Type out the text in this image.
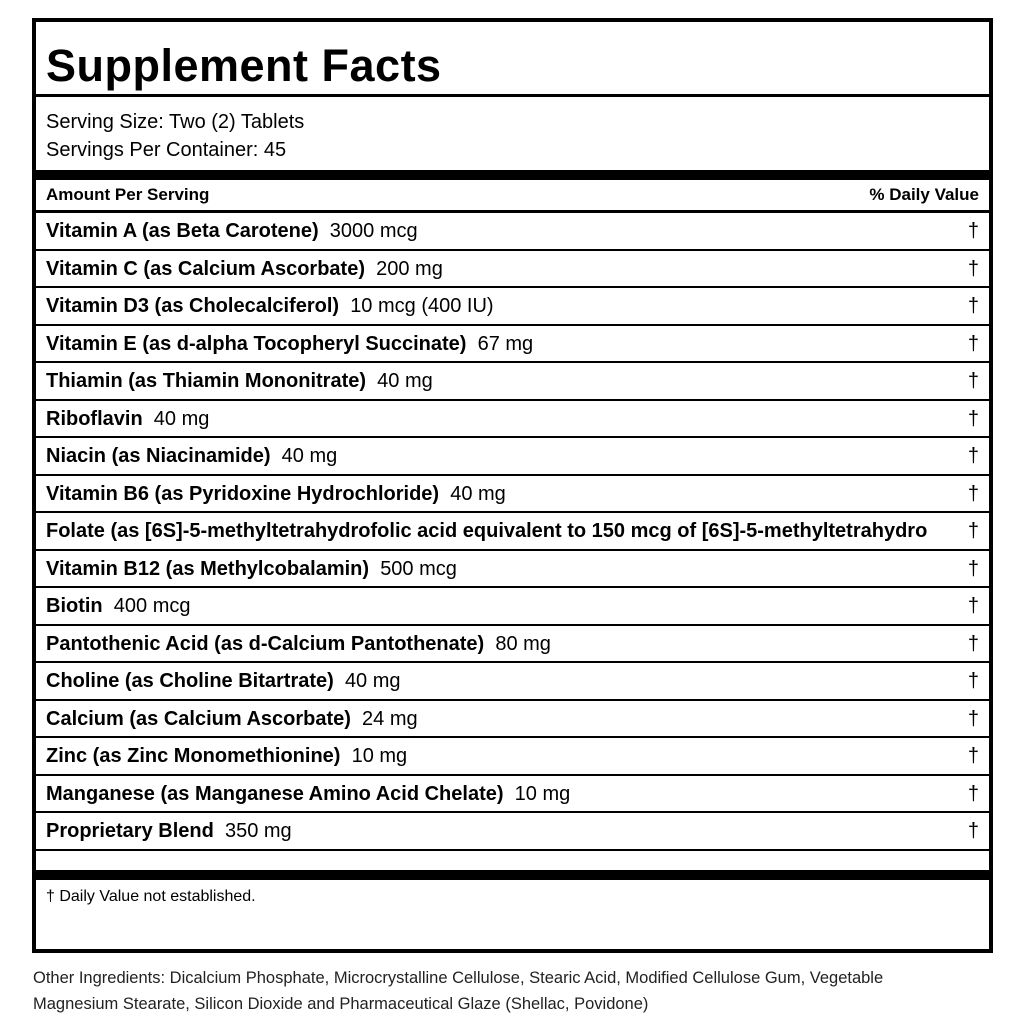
Supplement Facts
Serving Size: Two (2) Tablets
Servings Per Container: 45
Amount Per Serving	% Daily Value
Vitamin A (as Beta Carotene) 3000 mcg	†
Vitamin C (as Calcium Ascorbate) 200 mg	†
Vitamin D3 (as Cholecalciferol) 10 mcg (400 IU)	†
Vitamin E (as d-alpha Tocopheryl Succinate) 67 mg	†
Thiamin (as Thiamin Mononitrate) 40 mg	†
Riboflavin 40 mg	†
Niacin (as Niacinamide) 40 mg	†
Vitamin B6 (as Pyridoxine Hydrochloride) 40 mg	†
Folate (as [6S]-5-methyltetrahydrofolic acid equivalent to 150 mcg of [6S]-5-methyltetrahydro †
Vitamin B12 (as Methylcobalamin) 500 mcg	†
Biotin 400 mcg	†
Pantothenic Acid (as d-Calcium Pantothenate) 80 mg	†
Choline (as Choline Bitartrate) 40 mg	†
Calcium (as Calcium Ascorbate) 24 mg	†
Zinc (as Zinc Monomethionine) 10 mg	†
Manganese (as Manganese Amino Acid Chelate) 10 mg	†
Proprietary Blend 350 mg	†
† Daily Value not established.
Other Ingredients: Dicalcium Phosphate, Microcrystalline Cellulose, Stearic Acid, Modified Cellulose Gum, Vegetable
Magnesium Stearate, Silicon Dioxide and Pharmaceutical Glaze (Shellac, Povidone)
